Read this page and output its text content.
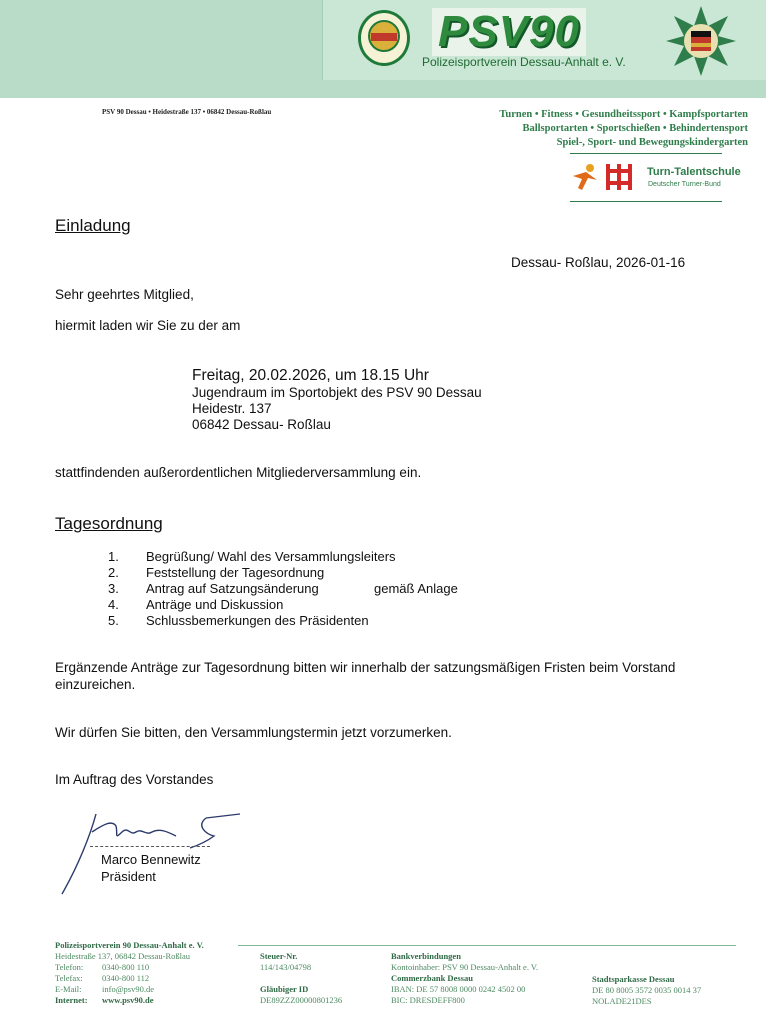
PSV90
Polizeisportverein Dessau-Anhalt e. V.
PSV 90 Dessau • Heidestraße 137 • 06842 Dessau-Roßlau	Turnen • Fitness • Gesundheitssport • Kampfsportarten
Ballsportarten • Sportschießen • Behindertensport
Spiel-, Sport- und Bewegungskindergarten
Turn-Talentschule
Deutscher Turner-Bund
Einladung
Dessau- Roßlau, 2026-01-16
Sehr geehrtes Mitglied,
hiermit laden wir Sie zu der am
Freitag, 20.02.2026, um 18.15 Uhr
Jugendraum im Sportobjekt des PSV 90 Dessau
Heidestr. 137
06842 Dessau- Roßlau
stattfindenden außerordentlichen Mitgliederversammlung ein.
Tagesordnung
1. Begrüßung/ Wahl des Versammlungsleiters
2. Feststellung der Tagesordnung
3. Antrag auf Satzungsänderung	gemäß Anlage
4. Anträge und Diskussion
5. Schlussbemerkungen des Präsidenten
Ergänzende Anträge zur Tagesordnung bitten wir innerhalb der satzungsmäßigen Fristen beim Vorstand
einzureichen.
Wir dürfen Sie bitten, den Versammlungstermin jetzt vorzumerken.
Im Auftrag des Vorstandes
Marco Bennewitz
Präsident
Polizeisportverein 90 Dessau-Anhalt e. V.
Heidestraße 137, 06842 Dessau-Roßlau
Telefon: 0340-800 110
Telefax: 0340-800 112
E-Mail: info@psv90.de
Internet: www.psv90.de
Steuer-Nr.
114/143/04798
Gläubiger ID
DE89ZZZ00000801236
Bankverbindungen
Kontoinhaber: PSV 90 Dessau-Anhalt e. V.
Commerzbank Dessau
IBAN: DE 57 8008 0000 0242 4502 00
BIC: DRESDEFF800
Stadtsparkasse Dessau
DE 80 8005 3572 0035 0014 37
NOLADE21DES
